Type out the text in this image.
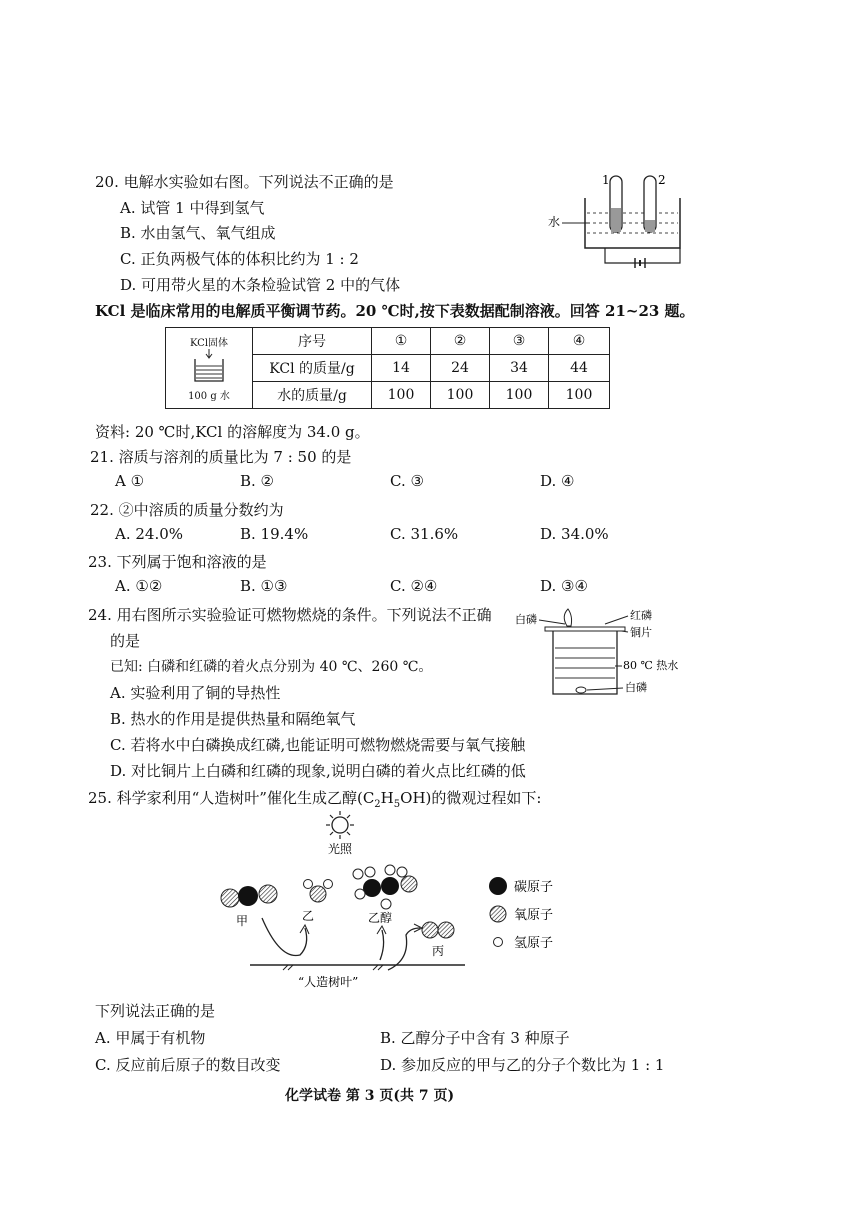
20. 电解水实验如右图。下列说法不正确的是
A. 试管 1 中得到氢气
B. 水由氢气、氧气组成
C. 正负两极气体的体积比约为 1 : 2
D. 可用带火星的木条检验试管 2 中的气体
1	2
水
KCl 是临床常用的电解质平衡调节药。20 ℃时,按下表数据配制溶液。回答 21~23 题。
KCl固体
100 g 水	序号	①	②	③	④
	KCl 的质量/g	14	24	34	44
	水的质量/g	100	100	100	100
资料: 20 ℃时,KCl 的溶解度为 34.0 g。
21. 溶质与溶剂的质量比为 7 : 50 的是
A ①	B. ②	C. ③	D. ④
22. ②中溶质的质量分数约为
A. 24.0%	B. 19.4%	C. 31.6%	D. 34.0%
23. 下列属于饱和溶液的是
A. ①②	B. ①③	C. ②④	D. ③④
24. 用右图所示实验验证可燃物燃烧的条件。下列说法不正确
的是
已知: 白磷和红磷的着火点分别为 40 ℃、260 ℃。
A. 实验利用了铜的导热性
B. 热水的作用是提供热量和隔绝氧气
C. 若将水中白磷换成红磷,也能证明可燃物燃烧需要与氧气接触
D. 对比铜片上白磷和红磷的现象,说明白磷的着火点比红磷的低
白磷	红磷
铜片
80 ℃ 热水
白磷
25. 科学家利用“人造树叶”催化生成乙醇$(C_2H_5OH)$的微观过程如下:
光照
甲	乙	乙醇
丙
“人造树叶”
碳原子
氧原子
氢原子
下列说法正确的是
A. 甲属于有机物	B. 乙醇分子中含有 3 种原子
C. 反应前后原子的数目改变	D. 参加反应的甲与乙的分子个数比为 1 : 1
化学试卷 第 3 页(共 7 页)
